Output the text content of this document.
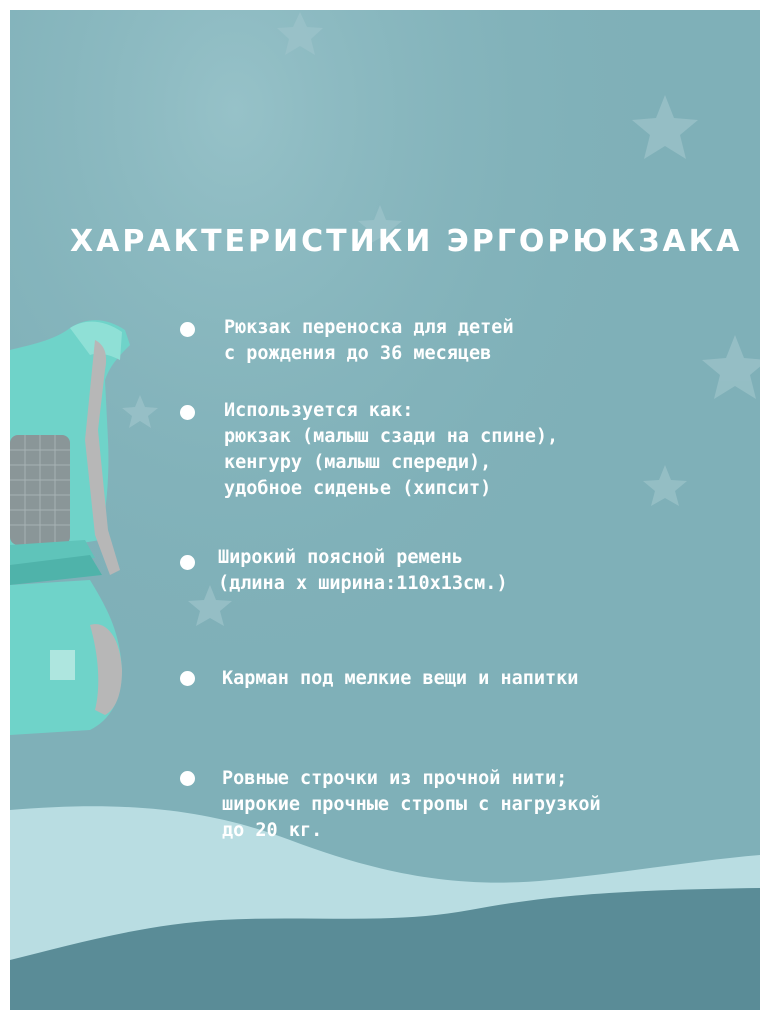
ХАРАКТЕРИСТИКИ ЭРГОРЮКЗАКА
Рюкзак переноска для детей
с рождения до 36 месяцев
Используется как:
рюкзак (малыш сзади на спине),
кенгуру (малыш спереди),
удобное сиденье (хипсит)
Широкий поясной ремень
(длина х ширина:110х13см.)
Карман под мелкие вещи и напитки
Ровные строчки из прочной нити;
широкие прочные стропы с нагрузкой
до 20 кг.
